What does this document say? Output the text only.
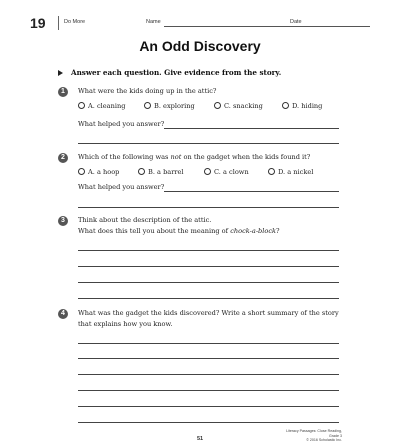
19	Do More	Name	Date
An Odd Discovery
Answer each question. Give evidence from the story.
1	What were the kids doing up in the attic?
A. cleaning	B. exploring	C. snacking	D. hiding
What helped you answer?
2	Which of the following was not on the gadget when the kids found it?
A. a hoop	B. a barrel	C. a clown	D. a nickel
What helped you answer?
3	Think about the description of the attic.
What does this tell you about the meaning of chock-a-block?
4	What was the gadget the kids discovered? Write a short summary of the story
that explains how you know.
51
Literacy Passages: Close Reading, Grade 3
© 2016 Scholastic Inc.
